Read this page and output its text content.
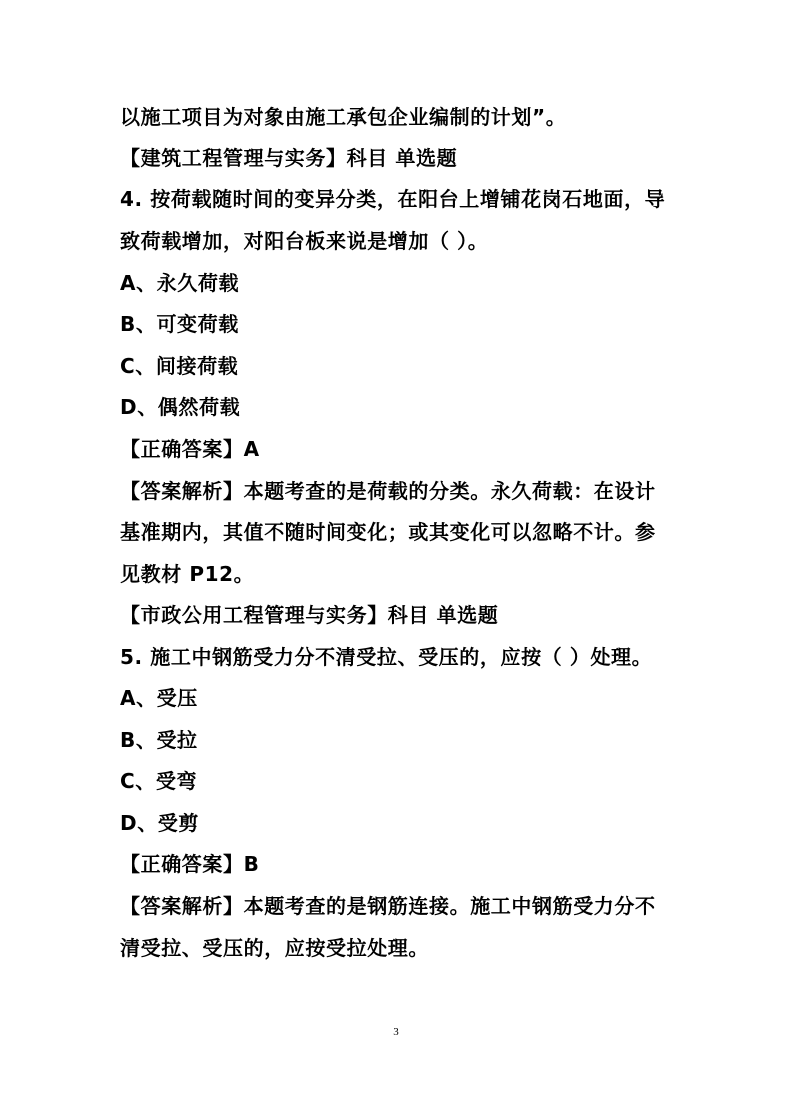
以施工项目为对象由施工承包企业编制的计划”。
【建筑工程管理与实务】科目 单选题
4. 按荷载随时间的变异分类，在阳台上增铺花岗石地面，导
致荷载增加，对阳台板来说是增加（ ）。
A、永久荷载
B、可变荷载
C、间接荷载
D、偶然荷载
【正确答案】A
【答案解析】本题考查的是荷载的分类。永久荷载：在设计
基准期内，其值不随时间变化；或其变化可以忽略不计。参
见教材 P12。
【市政公用工程管理与实务】科目 单选题
5. 施工中钢筋受力分不清受拉、受压的，应按（ ）处理。
A、受压
B、受拉
C、受弯
D、受剪
【正确答案】B
【答案解析】本题考查的是钢筋连接。施工中钢筋受力分不
清受拉、受压的，应按受拉处理。
3
